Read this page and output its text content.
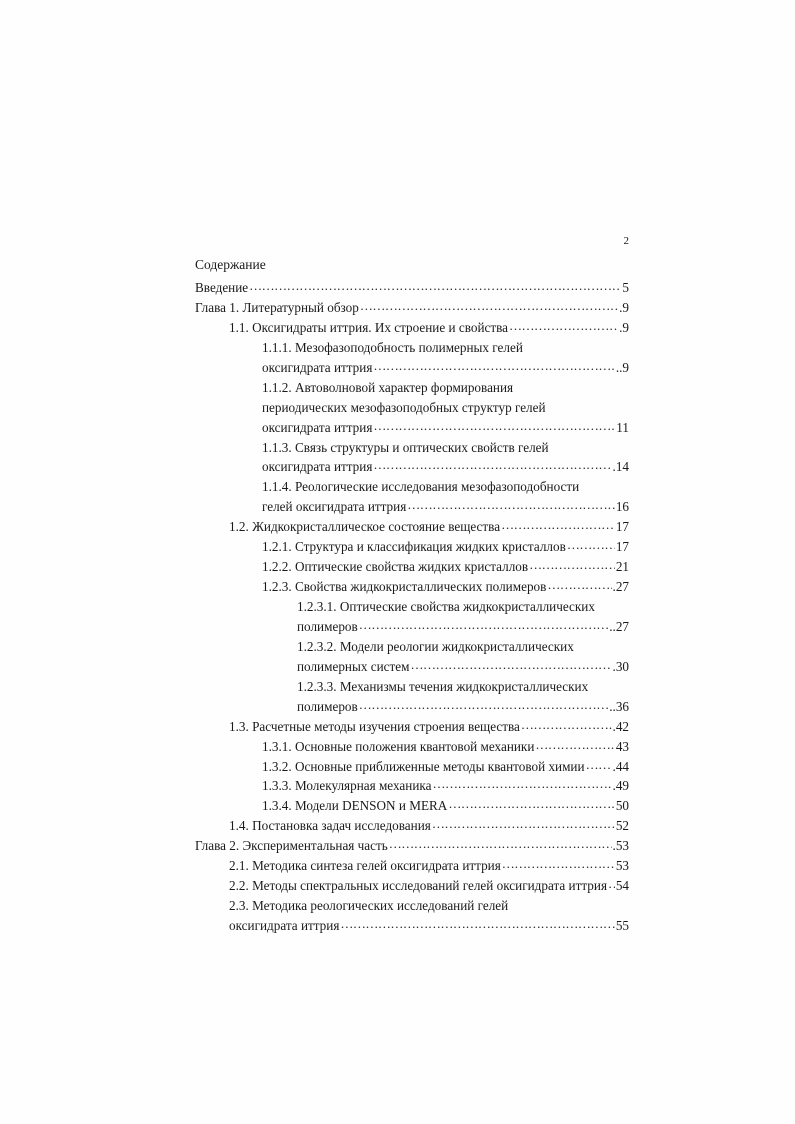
2
Содержание
Введение ……………………………………………………………………………………………………………………	5
Глава 1. Литературный обзор ……………………………………………………………………………………………………………………	.9
1.1. Оксигидраты иттрия. Их строение и свойства ……………………………………………………………………………………………………………………	.9
1.1.1. Мезофазоподобность полимерных гелей
оксигидрата иттрия ……………………………………………………………………………………………………………………	..9
1.1.2. Автоволновой характер формирования
периодических мезофазоподобных структур гелей
оксигидрата иттрия ……………………………………………………………………………………………………………………	11
1.1.3. Связь структуры и оптических свойств гелей
оксигидрата иттрия ……………………………………………………………………………………………………………………	.14
1.1.4. Реологические исследования мезофазоподобности
гелей оксигидрата иттрия ……………………………………………………………………………………………………………………	16
1.2. Жидкокристаллическое состояние вещества ……………………………………………………………………………………………………………………	17
1.2.1. Структура и классификация жидких кристаллов ……………………………………………………………………………………………………………………	17
1.2.2. Оптические свойства жидких кристаллов ……………………………………………………………………………………………………………………	21
1.2.3. Свойства жидкокристаллических полимеров ……………………………………………………………………………………………………………………	.27
1.2.3.1. Оптические свойства жидкокристаллических
полимеров ……………………………………………………………………………………………………………………	..27
1.2.3.2. Модели реологии жидкокристаллических
полимерных систем ……………………………………………………………………………………………………………………	.30
1.2.3.3. Механизмы течения жидкокристаллических
полимеров ……………………………………………………………………………………………………………………	..36
1.3. Расчетные методы изучения строения вещества ……………………………………………………………………………………………………………………	.42
1.3.1. Основные положения квантовой механики ……………………………………………………………………………………………………………………	43
1.3.2. Основные приближенные методы квантовой химии …………………………………………………………………………………………………………………… .44
1.3.3. Молекулярная механика ……………………………………………………………………………………………………………………	.49
1.3.4. Модели DENSON и MERA ……………………………………………………………………………………………………………………	50
1.4. Постановка задач исследования ……………………………………………………………………………………………………………………	52
Глава 2. Экспериментальная часть ……………………………………………………………………………………………………………………	.53
2.1. Методика синтеза гелей оксигидрата иттрия ……………………………………………………………………………………………………………………	53
2.2. Методы спектральных исследований гелей оксигидрата иттрия …………………………………………………………………………………………………………………… 54
2.3. Методика реологических исследований гелей
оксигидрата иттрия ……………………………………………………………………………………………………………………	55
